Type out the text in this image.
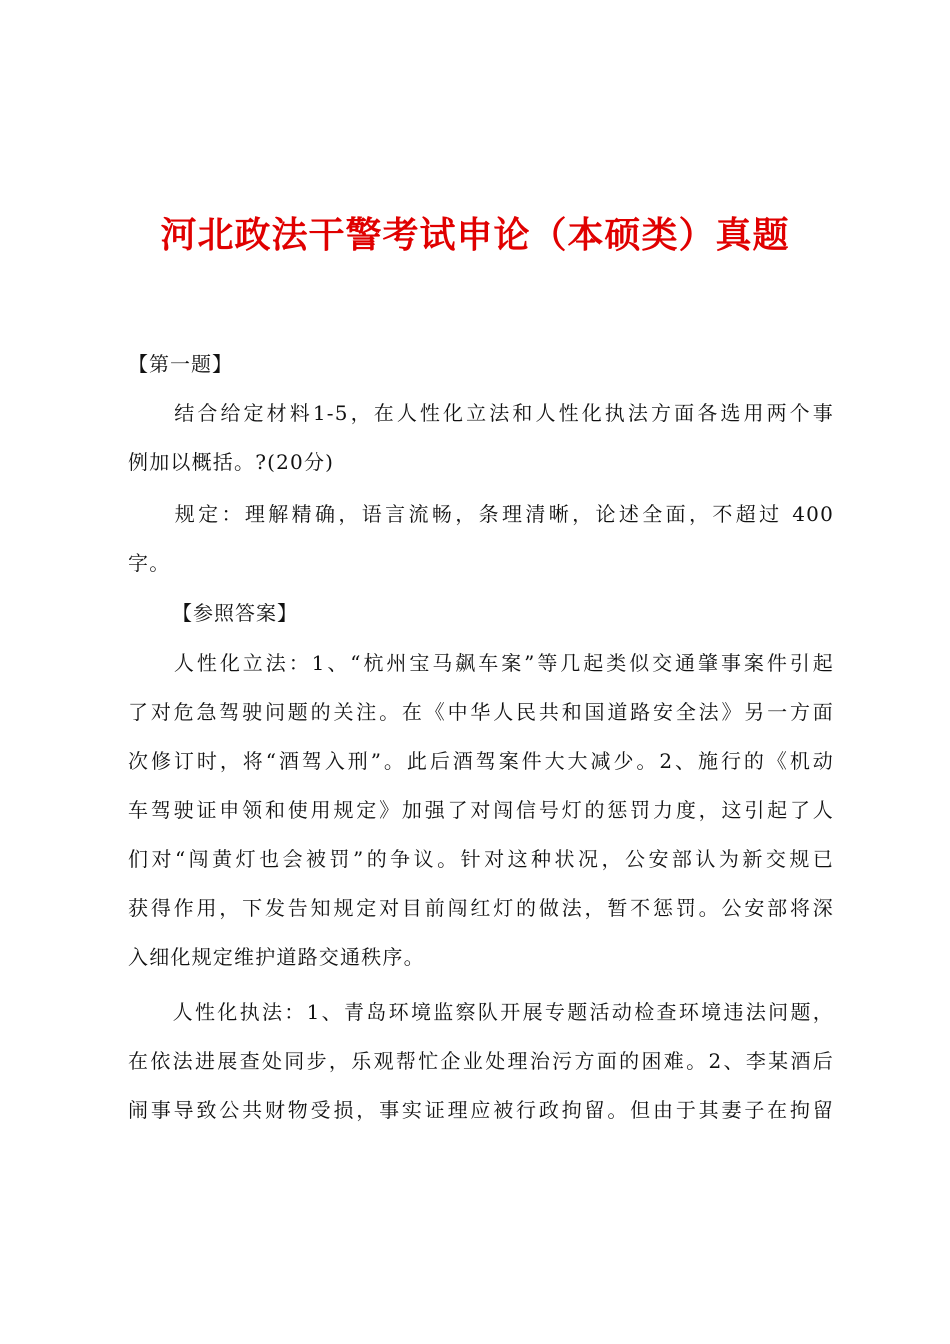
河北政法干警考试申论（本硕类）真题
【第一题】
　　结合给定材料1-5，在人性化立法和人性化执法方面各选用两个事
例加以概括。?(20分)
　　规定：理解精确，语言流畅，条理清晰，论述全面，不超过 400
字。
【参照答案】
　　人性化立法：1、“杭州宝马飙车案”等几起类似交通肇事案件引起
了对危急驾驶问题的关注。在《中华人民共和国道路安全法》另一方面
次修订时，将“酒驾入刑”。此后酒驾案件大大减少。2、施行的《机动
车驾驶证申领和使用规定》加强了对闯信号灯的惩罚力度，这引起了人
们对“闯黄灯也会被罚”的争议。针对这种状况，公安部认为新交规已
获得作用，下发告知规定对目前闯红灯的做法，暂不惩罚。公安部将深
入细化规定维护道路交通秩序。
　　人性化执法：1、青岛环境监察队开展专题活动检查环境违法问题，
在依法进展查处同步，乐观帮忙企业处理治污方面的困难。2、李某酒后
闹事导致公共财物受损，事实证理应被行政拘留。但由于其妻子在拘留
